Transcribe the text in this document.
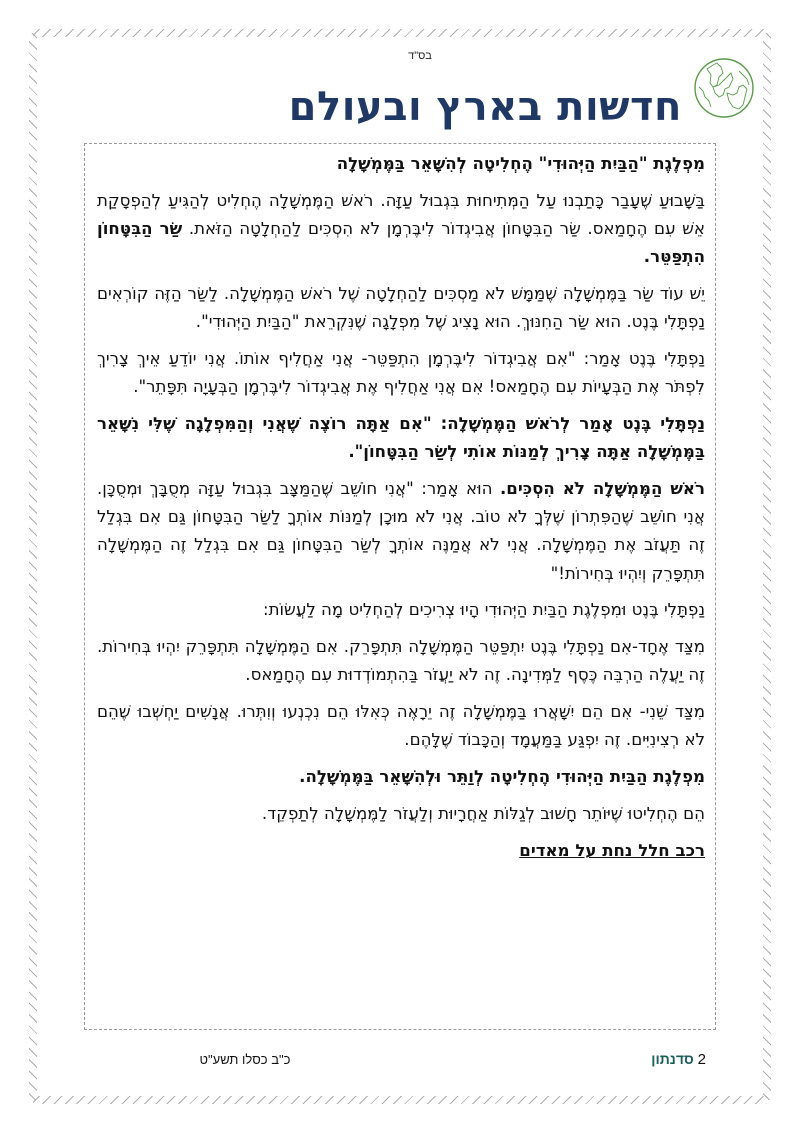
בס"ד
חדשות בארץ ובעולם

מִפְלֶגֶת "הַבַּיִת הַיְּהוּדִי" הֶחְלִיטָה לְהִשָּׁאֵר בַּמֶּמְשָׁלָה

בַּשָּׁבוּעַ שֶׁעָבַר כָּתַבְנוּ עַל הַמְּתִיחוּת בִּגְבוּל עַזָּה. רֹאשׁ הַמֶּמְשָׁלָה הֶחְלִיט לְהַגִּיעַ לְהַפְסָקַת אֵשׁ עִם הֶחָמַאס. שַׂר הַבִּטָּחוֹן אֲבִיגְדוֹר לִיבֶּרְמָן לֹא הִסְכִּים לַהַחְלָטָה הַזֹּאת. שַׂר הַבִּטָּחוֹן הִתְפַּטֵּר.

יֵשׁ עוֹד שַׂר בַּמֶּמְשָׁלָה שֶׁמַּמָּשׁ לֹא מַסְכִּים לַהַחְלָטָה שֶׁל רֹאשׁ הַמֶּמְשָׁלָה. לַשַּׂר הַזֶּה קוֹרְאִים נַפְתָּלִי בֶּנֶט. הוּא שַׂר הַחִנּוּךְ. הוּא נָצִיג שֶׁל מִפְלָגָה שֶׁנִּקְרֵאת "הַבַּיִת הַיְּהוּדִי".

נַפְתָּלִי בֶּנֶט אָמַר: "אִם אֲבִיגְדוֹר לִיבֶּרְמָן הִתְפַּטֵּר- אֲנִי אַחֲלִיף אוֹתוֹ. אֲנִי יוֹדֵעַ אֵיךְ צָרִיךְ לִפְתֹּר אֶת הַבְּעָיוֹת עִם הֶחָמַאס! אִם אֲנִי אַחֲלִיף אֶת אֲבִיגְדוֹר לִיבֶּרְמָן הַבְּעָיָה תִּפָּתֵר".

נַפְתָּלִי בֶּנֶט אָמַר לְרֹאשׁ הַמֶּמְשָׁלָה: "אִם אַתָּה רוֹצֶה שֶׁאֲנִי וְהַמִּפְלָגָה שֶׁלִּי נִשָּׁאֵר בַּמֶּמְשָׁלָה אַתָּה צָרִיךְ לְמַנּוֹת אוֹתִי לְשַׂר הַבִּטָּחוֹן".

רֹאשׁ הַמֶּמְשָׁלָה לֹא הִסְכִּים. הוּא אָמַר: "אֲנִי חוֹשֵׁב שֶׁהַמַּצָּב בִּגְבוּל עַזָּה מְסֻבָּךְ וּמְסֻכָּן. אֲנִי חוֹשֵׁב שֶׁהַפִּתְרוֹן שֶׁלְּךָ לֹא טוֹב. אֲנִי לֹא מוּכָן לְמַנּוֹת אוֹתְךָ לַשַּׂר הַבִּטָּחוֹן גַּם אִם בִּגְלַל זֶה תַּעֲזֹב אֶת הַמֶּמְשָׁלָה. אֲנִי לֹא אֲמַנֶּה אוֹתְךָ לְשַׂר הַבִּטָּחוֹן גַּם אִם בִּגְלַל זֶה הַמֶּמְשָׁלָה תִּתְפָּרֵק וְיִהְיוּ בְּחִירוֹת!"

נַפְתָּלִי בֶּנֶט וּמִפְלֶגֶת הַבַּיִת הַיְּהוּדִי הָיוּ צְרִיכִים לְהַחְלִיט מָה לַעֲשׂוֹת:

מִצַּד אֶחָד-אִם נַפְתָּלִי בֶּנֶט יִתְפַּטֵּר הַמֶּמְשָׁלָה תִּתְפָּרֵק. אִם הַמֶּמְשָׁלָה תִּתְפָּרֵק יִהְיוּ בְּחִירוֹת. זֶה יַעֲלֶה הַרְבֵּה כֶּסֶף לַמְּדִינָה. זֶה לֹא יַעֲזֹר בַּהִתְמוֹדְדוּת עִם הֶחָמַאס.

מִצַּד שֵׁנִי- אִם הֵם יִשָּׁאֲרוּ בַּמֶּמְשָׁלָה זֶה יֵרָאֶה כְּאִלּוּ הֵם נִכְנְעוּ וְוִתְּרוּ. אֲנָשִׁים יַחְשְׁבוּ שֶׁהֵם לֹא רְצִינִיִּים. זֶה יִפְגַּע בַּמַּעֲמָד וְהַכָּבוֹד שֶׁלָּהֶם.

מִפְלֶגֶת הַבַּיִת הַיְּהוּדִי הֶחְלִיטָה לְוַתֵּר וּלְהִשָּׁאֵר בַּמֶּמְשָׁלָה.

הֵם הֶחְלִיטוּ שֶׁיּוֹתֵר חָשׁוּב לְגַלּוֹת אַחֲרָיוּת וְלַעֲזֹר לַמֶּמְשָׁלָה לְתַפְקֵד.

רכב חלל נחת על מאדים

כ"ב כסלו תשע"ט	2 סדנתון
